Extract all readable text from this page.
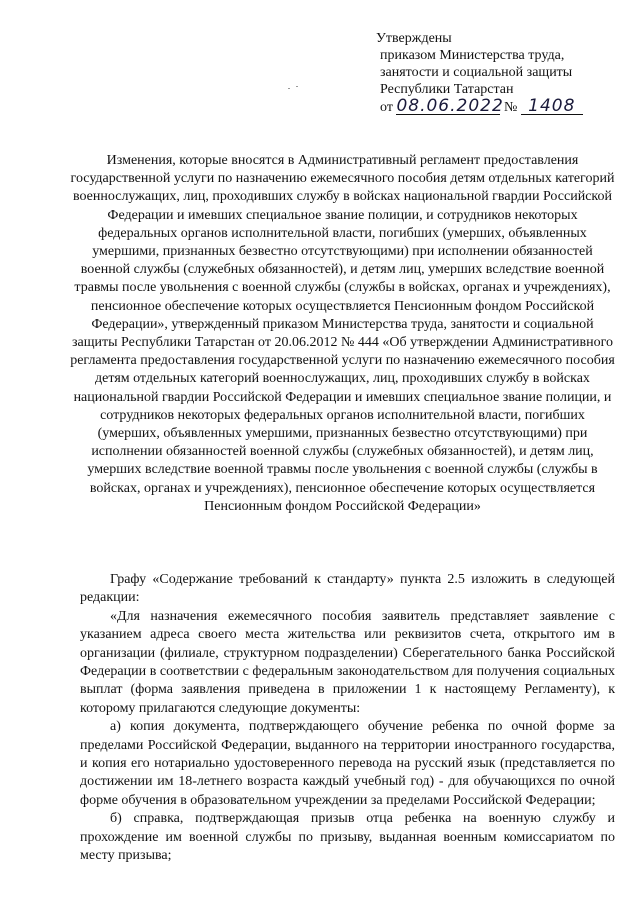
Утверждены
приказом Министерства труда,
занятости и социальной защиты
Республики Татарстан
от 08.06.2022 № 1408

Изменения, которые вносятся в Административный регламент предоставления государственной услуги по назначению ежемесячного пособия детям отдельных категорий военнослужащих, лиц, проходивших службу в войсках национальной гвардии Российской Федерации и имевших специальное звание полиции, и сотрудников некоторых федеральных органов исполнительной власти, погибших (умерших, объявленных умершими, признанных безвестно отсутствующими) при исполнении обязанностей военной службы (служебных обязанностей), и детям лиц, умерших вследствие военной травмы после увольнения с военной службы (службы в войсках, органах и учреждениях), пенсионное обеспечение которых осуществляется Пенсионным фондом Российской Федерации», утвержденный приказом Министерства труда, занятости и социальной защиты Республики Татарстан от 20.06.2012 № 444 «Об утверждении Административного регламента предоставления государственной услуги по назначению ежемесячного пособия детям отдельных категорий военнослужащих, лиц, проходивших службу в войсках национальной гвардии Российской Федерации и имевших специальное звание полиции, и сотрудников некоторых федеральных органов исполнительной власти, погибших (умерших, объявленных умершими, признанных безвестно отсутствующими) при исполнении обязанностей военной службы (служебных обязанностей), и детям лиц, умерших вследствие военной травмы после увольнения с военной службы (службы в войсках, органах и учреждениях), пенсионное обеспечение которых осуществляется Пенсионным фондом Российской Федерации»

Графу «Содержание требований к стандарту» пункта 2.5 изложить в следующей редакции:

«Для назначения ежемесячного пособия заявитель представляет заявление с указанием адреса своего места жительства или реквизитов счета, открытого им в организации (филиале, структурном подразделении) Сберегательного банка Российской Федерации в соответствии с федеральным законодательством для получения социальных выплат (форма заявления приведена в приложении 1 к настоящему Регламенту), к которому прилагаются следующие документы:

а) копия документа, подтверждающего обучение ребенка по очной форме за пределами Российской Федерации, выданного на территории иностранного государства, и копия его нотариально удостоверенного перевода на русский язык (представляется по достижении им 18-летнего возраста каждый учебный год) - для обучающихся по очной форме обучения в образовательном учреждении за пределами Российской Федерации;

б) справка, подтверждающая призыв отца ребенка на военную службу и прохождение им военной службы по призыву, выданная военным комиссариатом по месту призыва;
